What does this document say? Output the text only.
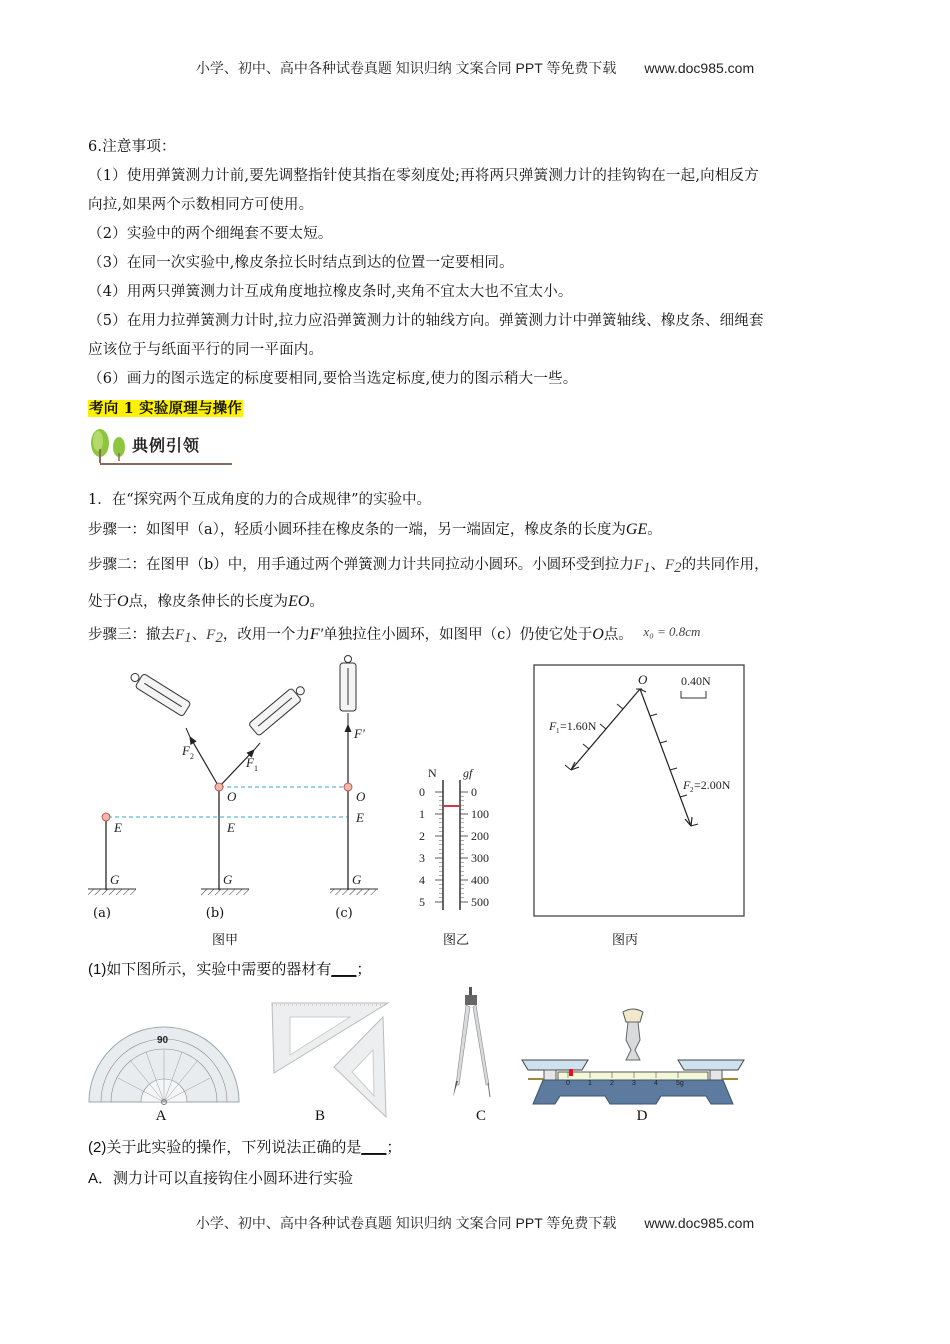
小学、初中、高中各种试卷真题 知识归纳 文案合同 PPT 等免费下载 www.doc985.com
6.注意事项：
（1）使用弹簧测力计前,要先调整指针使其指在零刻度处;再将两只弹簧测力计的挂钩钩在一起,向相反方
向拉,如果两个示数相同方可使用。
（2）实验中的两个细绳套不要太短。
（3）在同一次实验中,橡皮条拉长时结点到达的位置一定要相同。
（4）用两只弹簧测力计互成角度地拉橡皮条时,夹角不宜太大也不宜太小。
（5）在用力拉弹簧测力计时,拉力应沿弹簧测力计的轴线方向。弹簧测力计中弹簧轴线、橡皮条、细绳套
应该位于与纸面平行的同一平面内。
（6）画力的图示选定的标度要相同,要恰当选定标度,使力的图示稍大一些。
考向 1 实验原理与操作
典例引领
1．在“探究两个互成角度的力的合成规律”的实验中。
步骤一：如图甲（a），轻质小圆环挂在橡皮条的一端，另一端固定，橡皮条的长度为GE。
步骤二：在图甲（b）中，用手通过两个弹簧测力计共同拉动小圆环。小圆环受到拉力F1、F2的共同作用，
处于O点，橡皮条伸长的长度为EO。
步骤三：撤去F1、F2，改用一个力F′单独拉住小圆环，如图甲（c）仍使它处于O点。 x₀ = 0.8cm
E	E
E
O	O
G	G	G
F 2	F 1
F′
图甲
(a)	(b)	(c)
N gf
0
1
2
3
4
5
0
100
200
300
400
500
图乙
O	0.40N
F 1 =1.60N
F 2 =2.00N
图丙
(1)如下图所示，实验中需要的器材有___；
90
A	B	C
0	1	2	3	4	5g
D
(2)关于此实验的操作，下列说法正确的是___；
A．测力计可以直接钩住小圆环进行实验
小学、初中、高中各种试卷真题 知识归纳 文案合同 PPT 等免费下载 www.doc985.com
